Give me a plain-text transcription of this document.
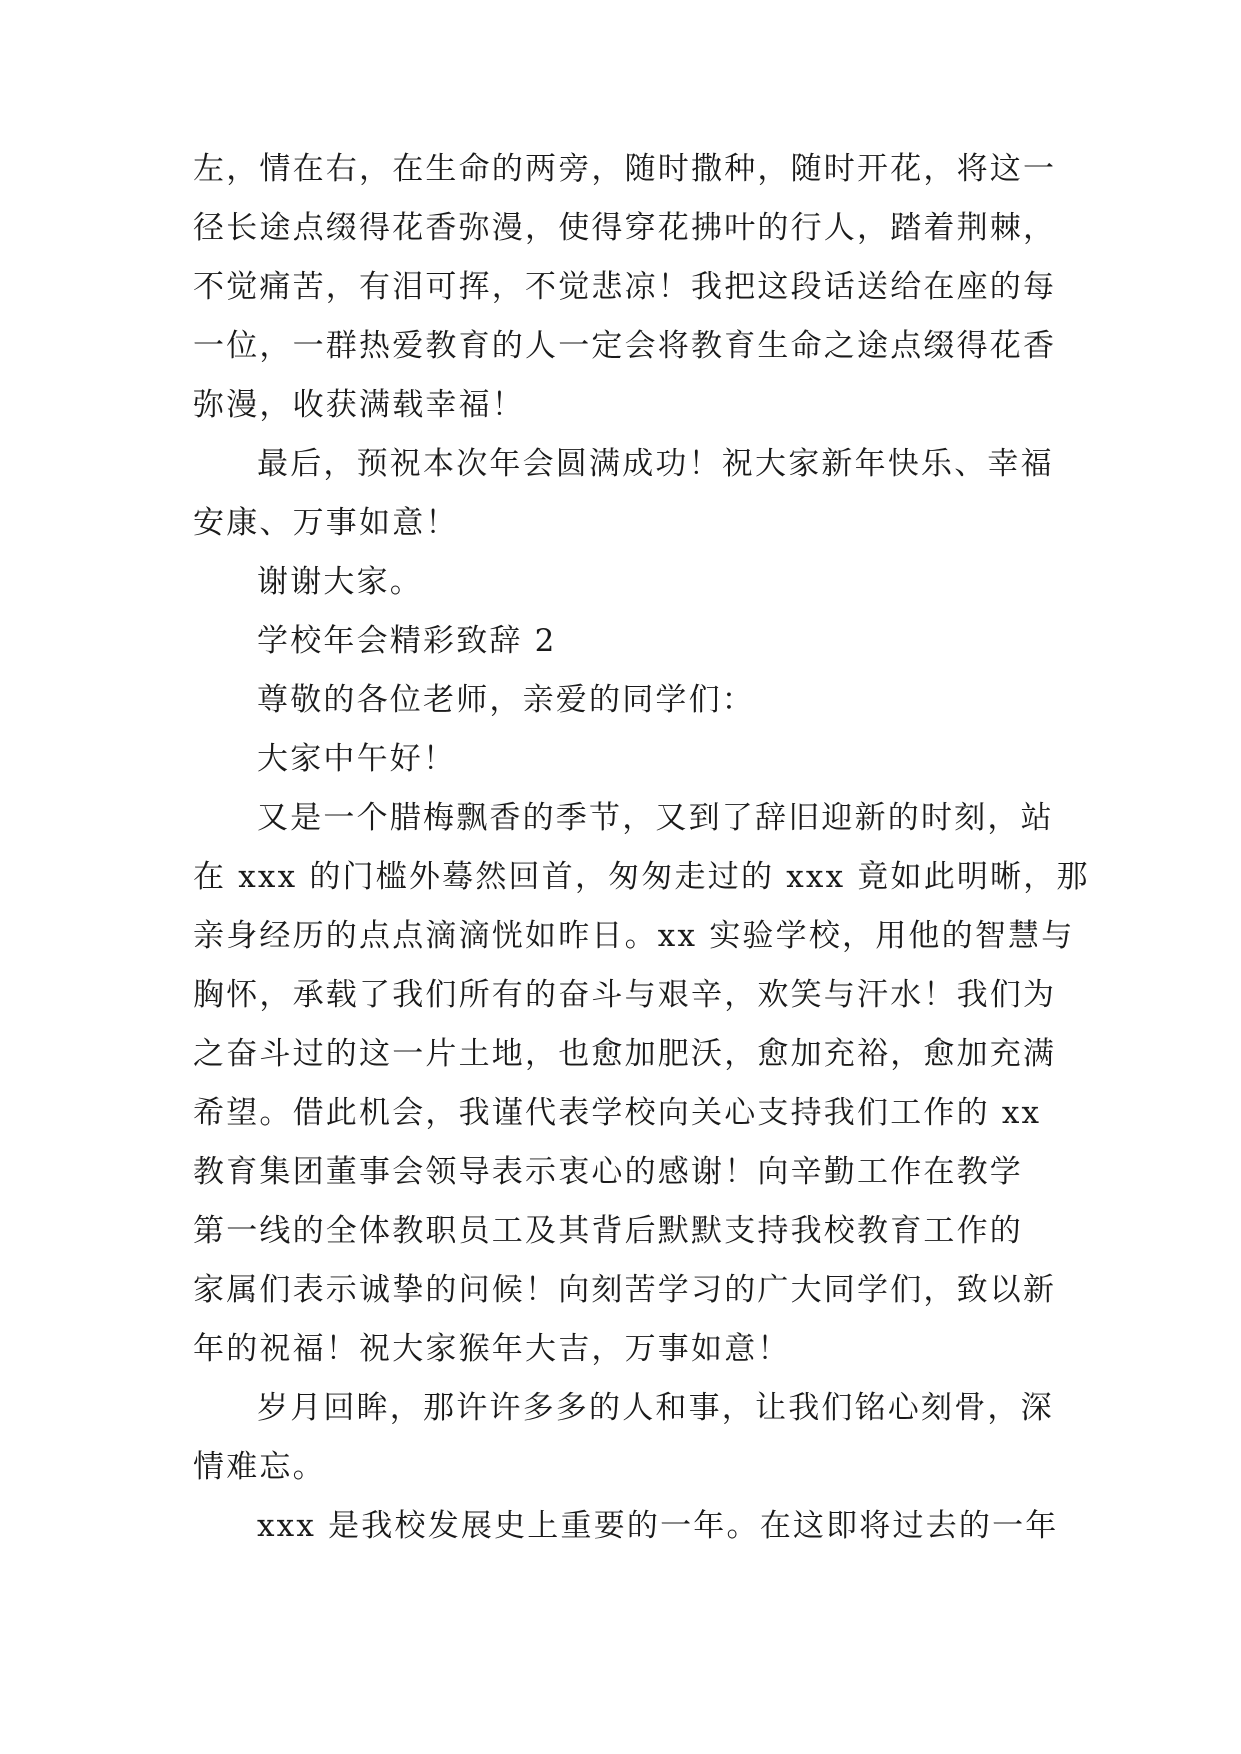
左，情在右，在生命的两旁，随时撒种，随时开花，将这一
径长途点缀得花香弥漫，使得穿花拂叶的行人，踏着荆棘，
不觉痛苦，有泪可挥，不觉悲凉！我把这段话送给在座的每
一位，一群热爱教育的人一定会将教育生命之途点缀得花香
弥漫，收获满载幸福！
最后，预祝本次年会圆满成功！祝大家新年快乐、幸福
安康、万事如意！
谢谢大家。
学校年会精彩致辞 2
尊敬的各位老师，亲爱的同学们：
大家中午好！
又是一个腊梅飘香的季节，又到了辞旧迎新的时刻，站
在 xxx 的门槛外蓦然回首，匆匆走过的 xxx 竟如此明晰，那
亲身经历的点点滴滴恍如昨日。xx 实验学校，用他的智慧与
胸怀，承载了我们所有的奋斗与艰辛，欢笑与汗水！我们为
之奋斗过的这一片土地，也愈加肥沃，愈加充裕，愈加充满
希望。借此机会，我谨代表学校向关心支持我们工作的 xx
教育集团董事会领导表示衷心的感谢！向辛勤工作在教学
第一线的全体教职员工及其背后默默支持我校教育工作的
家属们表示诚挚的问候！向刻苦学习的广大同学们，致以新
年的祝福！祝大家猴年大吉，万事如意！
岁月回眸，那许许多多的人和事，让我们铭心刻骨，深
情难忘。
xxx 是我校发展史上重要的一年。在这即将过去的一年
